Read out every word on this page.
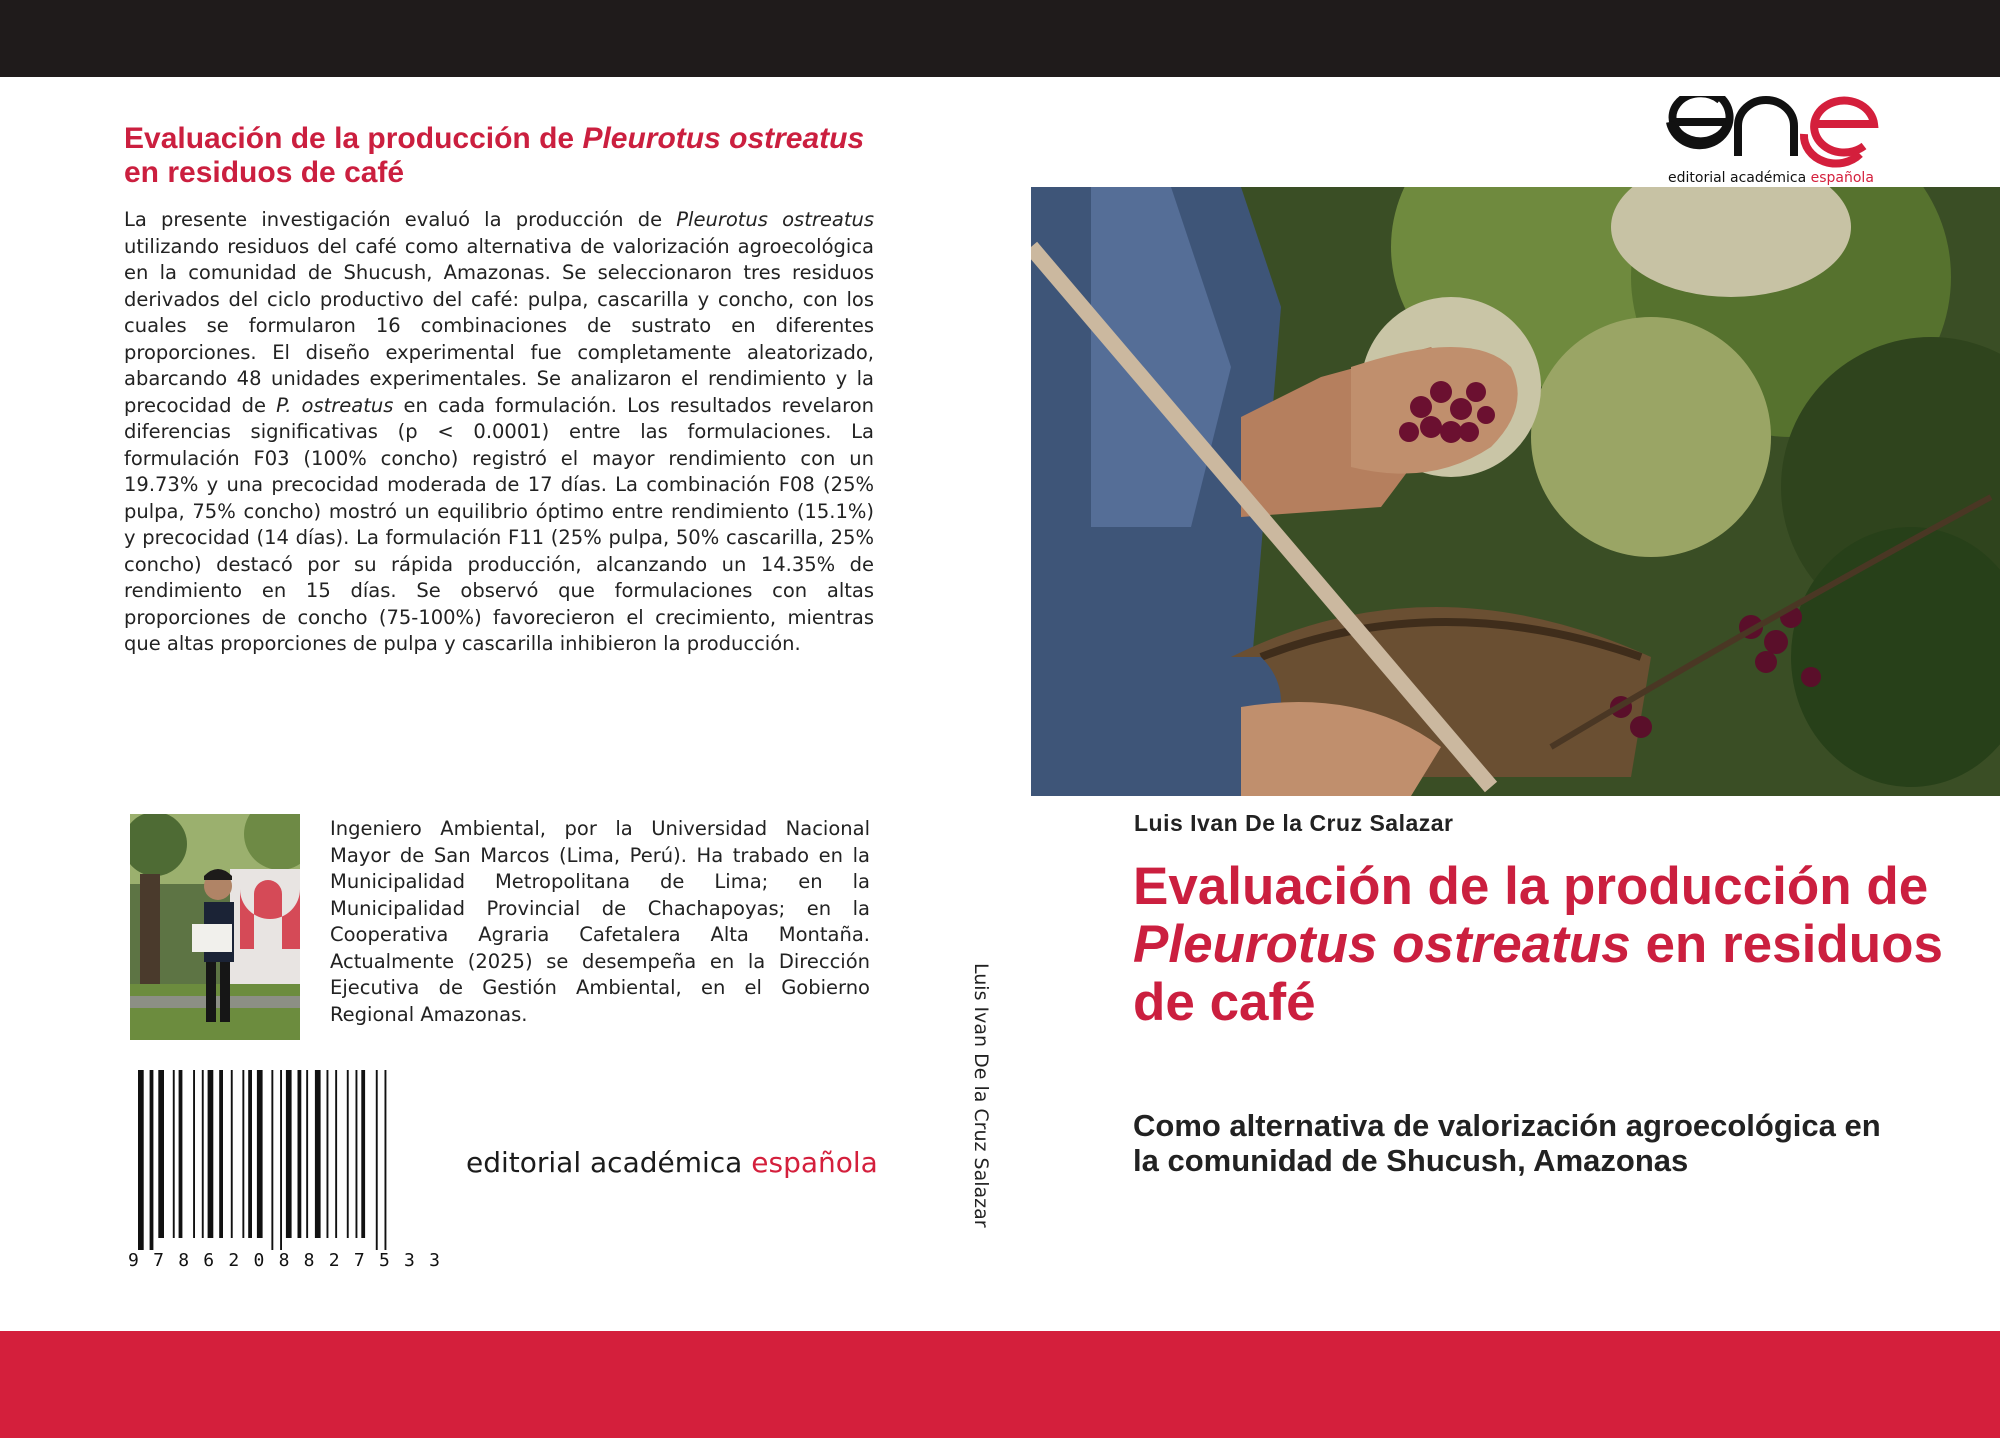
Evaluación de la producción de Pleurotus ostreatus en residuos de café

La presente investigación evaluó la producción de Pleurotus ostreatus utilizando residuos del café como alternativa de valorización agroecológica en la comunidad de Shucush, Amazonas. Se seleccionaron tres residuos derivados del ciclo productivo del café: pulpa, cascarilla y concho, con los cuales se formularon 16 combinaciones de sustrato en diferentes proporciones. El diseño experimental fue completamente aleatorizado, abarcando 48 unidades experimentales. Se analizaron el rendimiento y la precocidad de P. ostreatus en cada formulación. Los resultados revelaron diferencias significativas (p < 0.0001) entre las formulaciones. La formulación F03 (100% concho) registró el mayor rendimiento con un 19.73% y una precocidad moderada de 17 días. La combinación F08 (25% pulpa, 75% concho) mostró un equilibrio óptimo entre rendimiento (15.1%) y precocidad (14 días). La formulación F11 (25% pulpa, 50% cascarilla, 25% concho) destacó por su rápida producción, alcanzando un 14.35% de rendimiento en 15 días. Se observó que formulaciones con altas proporciones de concho (75-100%) favorecieron el crecimiento, mientras que altas proporciones de pulpa y cascarilla inhibieron la producción.

Ingeniero Ambiental, por la Universidad Nacional Mayor de San Marcos (Lima, Perú). Ha trabado en la Municipalidad Metropolitana de Lima; en la Municipalidad Provincial de Chachapoyas; en la Cooperativa Agraria Cafetalera Alta Montaña. Actualmente (2025) se desempeña en la Dirección Ejecutiva de Gestión Ambiental, en el Gobierno Regional Amazonas.

9 7 8 6 2 0 8 8 2 7 5 3 3
editorial académica española	Luis Ivan De la Cruz Salazar
editorial académica española

Luis Ivan De la Cruz Salazar

Evaluación de la producción de Pleurotus ostreatus en residuos de café

Como alternativa de valorización agroecológica en la comunidad de Shucush, Amazonas
